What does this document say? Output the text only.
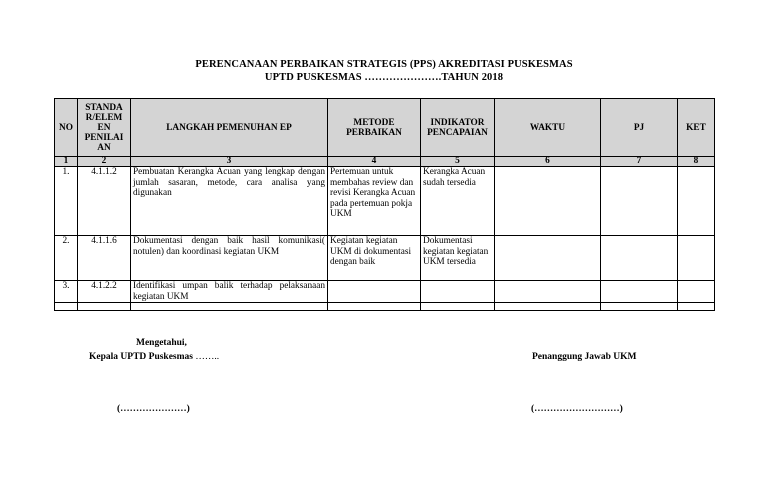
PERENCANAAN PERBAIKAN STRATEGIS (PPS) AKREDITASI PUSKESMAS
UPTD PUSKESMAS ………………….TAHUN 2018
NO	STANDA R/ELEM EN PENILAI AN	LANGKAH PEMENUHAN EP	METODE PERBAIKAN	INDIKATOR PENCAPAIAN	WAKTU	PJ	KET
1	2	3	4	5	6	7	8
1.	4.1.1.2	Pembuatan Kerangka Acuan yang lengkap dengan jumlah sasaran, metode, cara analisa yang digunakan	Pertemuan untuk membahas review dan revisi Kerangka Acuan pada pertemuan pokja UKM	Kerangka Acuan sudah tersedia			
2.	4.1.1.6	Dokumentasi dengan baik hasil komunikasi( notulen) dan koordinasi kegiatan UKM	Kegiatan kegiatan UKM di dokumentasi dengan baik	Dokumentasi kegiatan kegiatan UKM tersedia			
3.	4.1.2.2	Identifikasi umpan balik terhadap pelaksanaan kegiatan UKM					

Mengetahui,
Kepala UPTD Puskesmas ……..	Penanggung Jawab UKM
(…………………)	(………………………)
